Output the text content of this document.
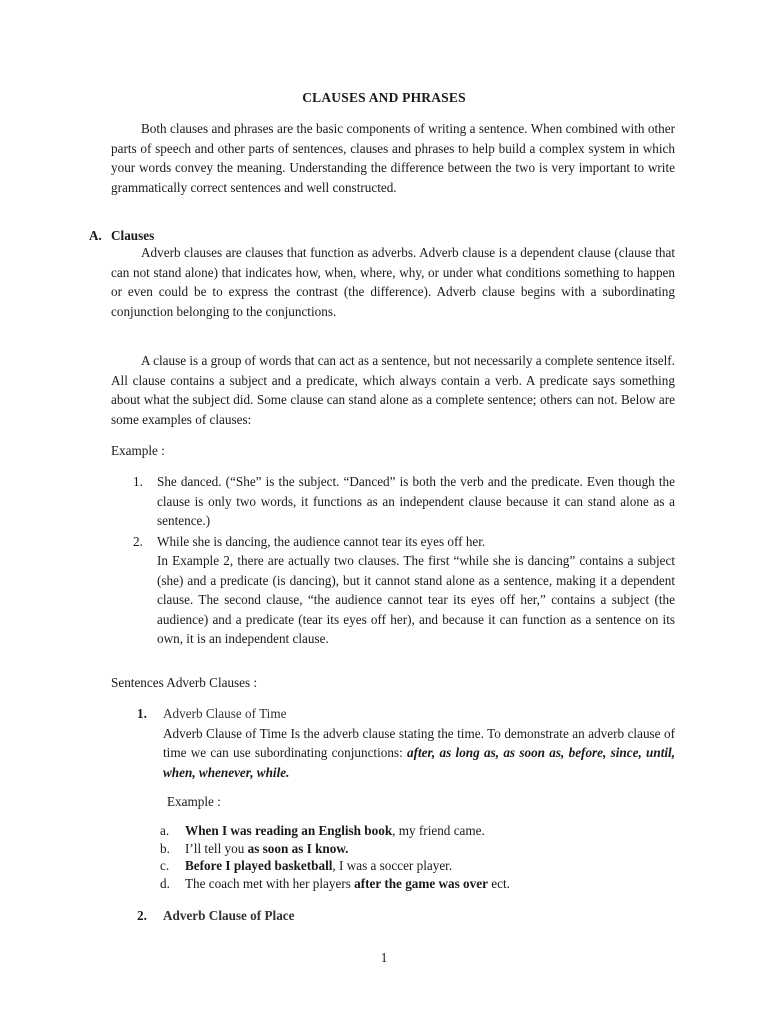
CLAUSES AND PHRASES

Both clauses and phrases are the basic components of writing a sentence. When combined with other parts of speech and other parts of sentences, clauses and phrases to help build a complex system in which your words convey the meaning. Understanding the difference between the two is very important to write grammatically correct sentences and well constructed.

A. Clauses

Adverb clauses are clauses that function as adverbs. Adverb clause is a dependent clause (clause that can not stand alone) that indicates how, when, where, why, or under what conditions something to happen or even could be to express the contrast (the difference). Adverb clause begins with a subordinating conjunction belonging to the conjunctions.

A clause is a group of words that can act as a sentence, but not necessarily a complete sentence itself. All clause contains a subject and a predicate, which always contain a verb. A predicate says something about what the subject did. Some clause can stand alone as a complete sentence; others can not. Below are some examples of clauses:

Example :
1. She danced. (“She” is the subject. “Danced” is both the verb and the predicate. Even though the clause is only two words, it functions as an independent clause because it can stand alone as a sentence.)

2. While she is dancing, the audience cannot tear its eyes off her.

In Example 2, there are actually two clauses. The first “while she is dancing” contains a subject (she) and a predicate (is dancing), but it cannot stand alone as a sentence, making it a dependent clause. The second clause, “the audience cannot tear its eyes off her,” contains a subject (the audience) and a predicate (tear its eyes off her), and because it can function as a sentence on its own, it is an independent clause.

Sentences Adverb Clauses :
1. Adverb Clause of Time

Adverb Clause of Time Is the adverb clause stating the time. To demonstrate an adverb clause of time we can use subordinating conjunctions: after, as long as, as soon as, before, since, until, when, whenever, while.

Example :
a. When I was reading an English book, my friend came.
b. I’ll tell you as soon as I know.
c. Before I played basketball, I was a soccer player.
d. The coach met with her players after the game was over ect.
2.	Adverb Clause of Place
1
